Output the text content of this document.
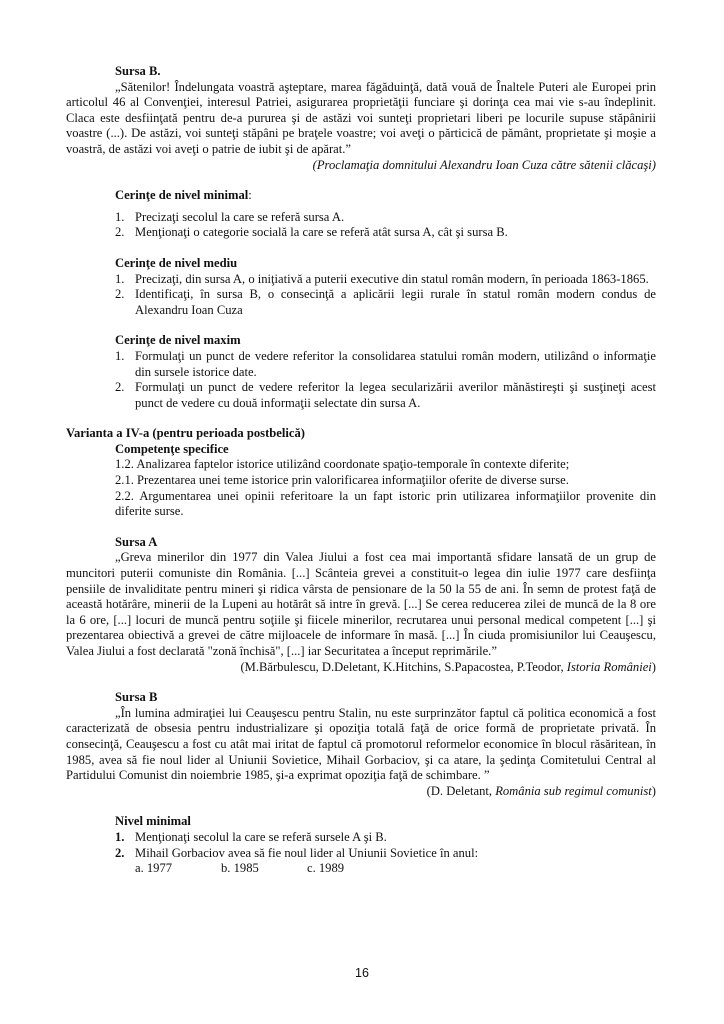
Sursa B.

„Sătenilor! Îndelungata voastră aşteptare, marea făgăduinţă, dată vouă de Înaltele Puteri ale Europei prin articolul 46 al Convenţiei, interesul Patriei, asigurarea proprietăţii funciare şi dorinţa cea mai vie s-au îndeplinit. Claca este desfiinţată pentru de-a pururea şi de astăzi voi sunteţi proprietari liberi pe locurile supuse stăpânirii voastre (...). De astăzi, voi sunteţi stăpâni pe braţele voastre; voi aveţi o părticică de pământ, proprietate şi moşie a voastră, de astăzi voi aveţi o patrie de iubit şi de apărat.”

(Proclamaţia domnitului Alexandru Ioan Cuza către sătenii clăcaşi)

Cerinţe de nivel minimal:
1. Precizaţi secolul la care se referă sursa A.
2. Menţionaţi o categorie socială la care se referă atât sursa A, cât şi sursa B.
Cerinţe de nivel mediu
1. Precizaţi, din sursa A, o iniţiativă a puterii executive din statul român modern, în perioada 1863-1865.
2. Identificaţi, în sursa B, o consecinţă a aplicării legii rurale în statul român modern condus de Alexandru Ioan Cuza
Cerinţe de nivel maxim
1. Formulaţi un punct de vedere referitor la consolidarea statului român modern, utilizând o informaţie din sursele istorice date.
2. Formulaţi un punct de vedere referitor la legea secularizării averilor mănăstireşti şi susţineţi acest punct de vedere cu două informaţii selectate din sursa A.
Varianta a IV-a (pentru perioada postbelică)
Competenţe specifice

1.2. Analizarea faptelor istorice utilizând coordonate spaţio-temporale în contexte diferite;

2.1. Prezentarea unei teme istorice prin valorificarea informaţiilor oferite de diverse surse.

2.2. Argumentarea unei opinii referitoare la un fapt istoric prin utilizarea informaţiilor provenite din diferite surse.

Sursa A

„Greva minerilor din 1977 din Valea Jiului a fost cea mai importantă sfidare lansată de un grup de muncitori puterii comuniste din România. [...] Scânteia grevei a constituit-o legea din iulie 1977 care desfiinţa pensiile de invaliditate pentru mineri şi ridica vârsta de pensionare de la 50 la 55 de ani. În semn de protest faţă de această hotărâre, minerii de la Lupeni au hotărât să intre în grevă. [...] Se cerea reducerea zilei de muncă de la 8 ore la 6 ore, [...] locuri de muncă pentru soţiile şi fiicele minerilor, recrutarea unui personal medical competent [...] şi prezentarea obiectivă a grevei de către mijloacele de informare în masă. [...] În ciuda promisiunilor lui Ceauşescu, Valea Jiului a fost declarată "zonă închisă", [...] iar Securitatea a început reprimările.”

(M.Bărbulescu, D.Deletant, K.Hitchins, S.Papacostea, P.Teodor, Istoria României)

Sursa B

„În lumina admiraţiei lui Ceauşescu pentru Stalin, nu este surprinzător faptul că politica economică a fost caracterizată de obsesia pentru industrializare şi opoziţia totală faţă de orice formă de proprietate privată. În consecinţă, Ceauşescu a fost cu atât mai iritat de faptul că promotorul reformelor economice în blocul răsăritean, în 1985, avea să fie noul lider al Uniunii Sovietice, Mihail Gorbaciov, şi ca atare, la şedinţa Comitetului Central al Partidului Comunist din noiembrie 1985, şi-a exprimat opoziţia faţă de schimbare. ”

(D. Deletant, România sub regimul comunist)

Nivel minimal
1. Menţionaţi secolul la care se referă sursele A şi B.
2. Mihail Gorbaciov avea să fie noul lider al Uniunii Sovietice în anul:
a. 1977	b. 1985	c. 1989
16
